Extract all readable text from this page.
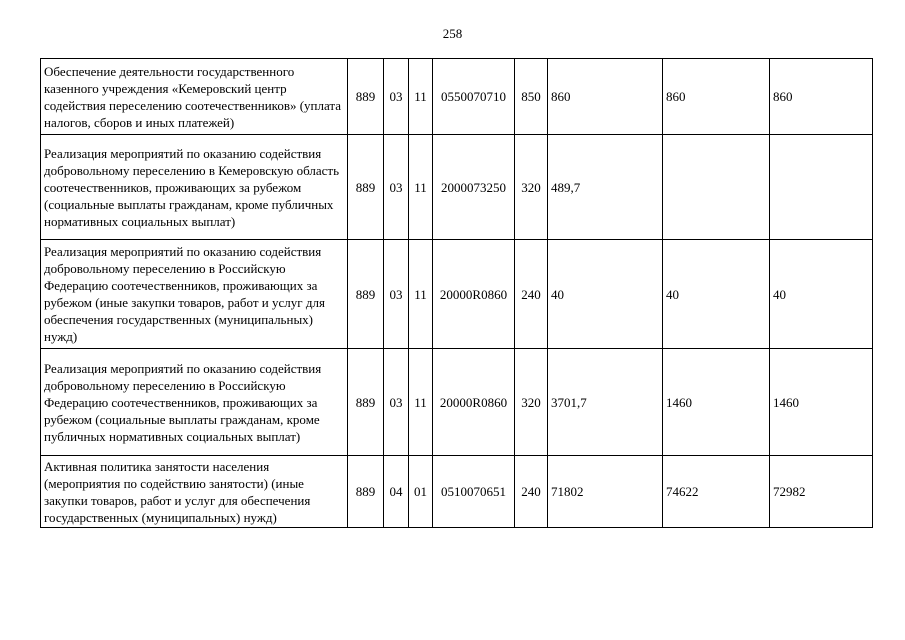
258
Обеспечение деятельности государственного казенного учреждения «Кемеровский центр содействия переселению соотечественников» (уплата налогов, сборов и иных платежей)	889	03	11	0550070710	850	860	860	860
Реализация мероприятий по оказанию содействия добровольному переселению в Кемеровскую область соотечественников, проживающих за рубежом (социальные выплаты гражданам, кроме публичных нормативных социальных выплат)	889	03	11	2000073250	320	489,7		
Реализация мероприятий по оказанию содействия добровольному переселению в Российскую Федерацию соотечественников, проживающих за рубежом (иные закупки товаров, работ и услуг для обеспечения государственных (муниципальных) нужд)	889	03	11	20000R0860	240	40	40	40
Реализация мероприятий по оказанию содействия добровольному переселению в Российскую Федерацию соотечественников, проживающих за рубежом (социальные выплаты гражданам, кроме публичных нормативных социальных выплат)	889	03	11	20000R0860	320	3701,7	1460	1460
Активная политика занятости населения (мероприятия по содействию занятости) (иные закупки товаров, работ и услуг для обеспечения государственных (муниципальных) нужд)	889	04	01	0510070651	240	71802	74622	72982
